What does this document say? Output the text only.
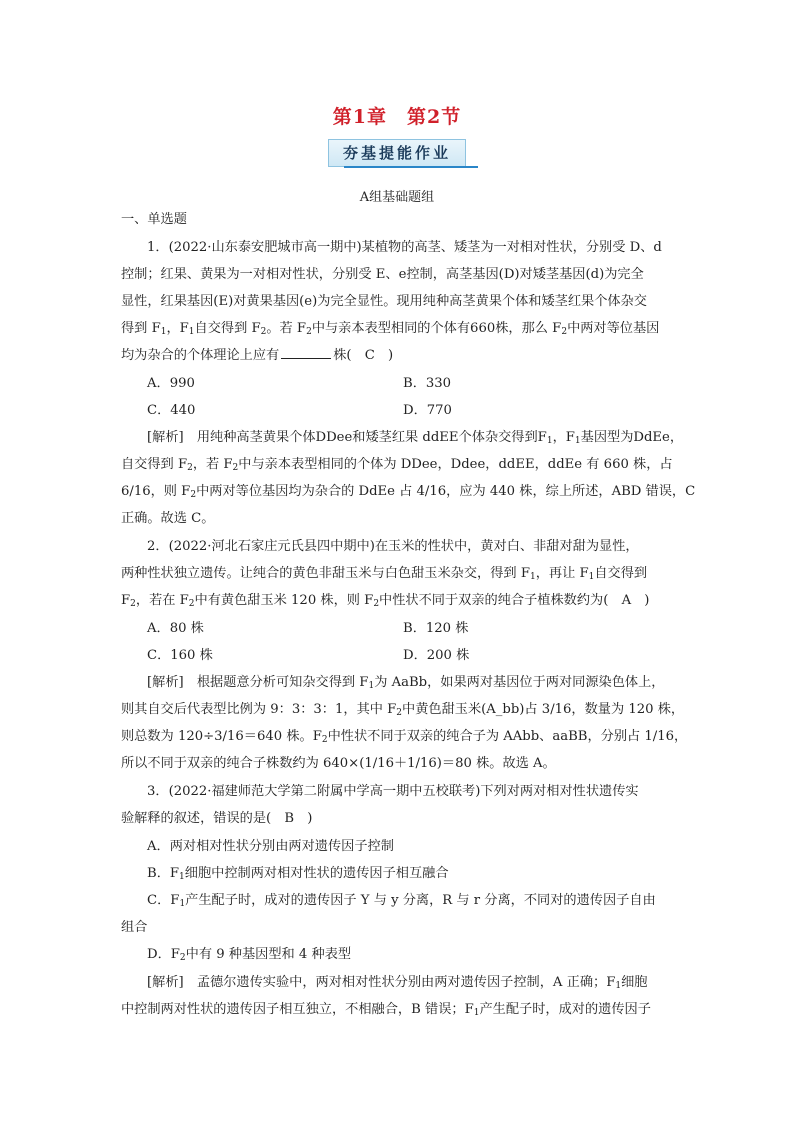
第1章　第2节
夯基提能作业
A组基础题组
一、单选题
1．(2022·山东泰安肥城市高一期中)某植物的高茎、矮茎为一对相对性状，分别受 D、d
控制；红果、黄果为一对相对性状，分别受 E、e控制，高茎基因(D)对矮茎基因(d)为完全
显性，红果基因(E)对黄果基因(e)为完全显性。现用纯种高茎黄果个体和矮茎红果个体杂交
得到 $F_1$，$F_1$自交得到 $F_2$。若 $F_2$中与亲本表型相同的个体有660株，那么 $F_2$中两对等位基因
均为杂合的个体理论上应有	株(　C　)
A．990	B．330
C．440	D．770
[解析]　用纯种高茎黄果个体DDee和矮茎红果 ddEE个体杂交得到$F_1$，$F_1$基因型为DdEe，
自交得到 $F_2$，若 $F_2$中与亲本表型相同的个体为 DDee，Ddee，ddEE，ddEe 有 660 株，占
6/16，则 $F_2$中两对等位基因均为杂合的 DdEe 占 4/16，应为 440 株，综上所述，ABD 错误，C
正确。故选 C。
2．(2022·河北石家庄元氏县四中期中)在玉米的性状中，黄对白、非甜对甜为显性，
两种性状独立遗传。让纯合的黄色非甜玉米与白色甜玉米杂交，得到 $F_1$，再让 $F_1$自交得到
$F_2$，若在 $F_2$中有黄色甜玉米 120 株，则 $F_2$中性状不同于双亲的纯合子植株数约为(　A　)
A．80 株	B．120 株
C．160 株	D．200 株
[解析]　根据题意分析可知杂交得到 $F_1$为 AaBb，如果两对基因位于两对同源染色体上，
则其自交后代表型比例为 9：3：3：1，其中 $F_2$中黄色甜玉米(A_bb)占 3/16，数量为 120 株，
则总数为 120÷3/16＝640 株。$F_2$中性状不同于双亲的纯合子为 AAbb、aaBB，分别占 1/16，
所以不同于双亲的纯合子株数约为 640×(1/16＋1/16)＝80 株。故选 A。
3．(2022·福建师范大学第二附属中学高一期中五校联考)下列对两对相对性状遗传实
验解释的叙述，错误的是(　B　)
A．两对相对性状分别由两对遗传因子控制
B．$F_1$细胞中控制两对相对性状的遗传因子相互融合
C．$F_1$产生配子时，成对的遗传因子 Y 与 y 分离，R 与 r 分离，不同对的遗传因子自由
组合
D．$F_2$中有 9 种基因型和 4 种表型
[解析]　孟德尔遗传实验中，两对相对性状分别由两对遗传因子控制，A 正确；$F_1$细胞
中控制两对性状的遗传因子相互独立，不相融合，B 错误；$F_1$产生配子时，成对的遗传因子
